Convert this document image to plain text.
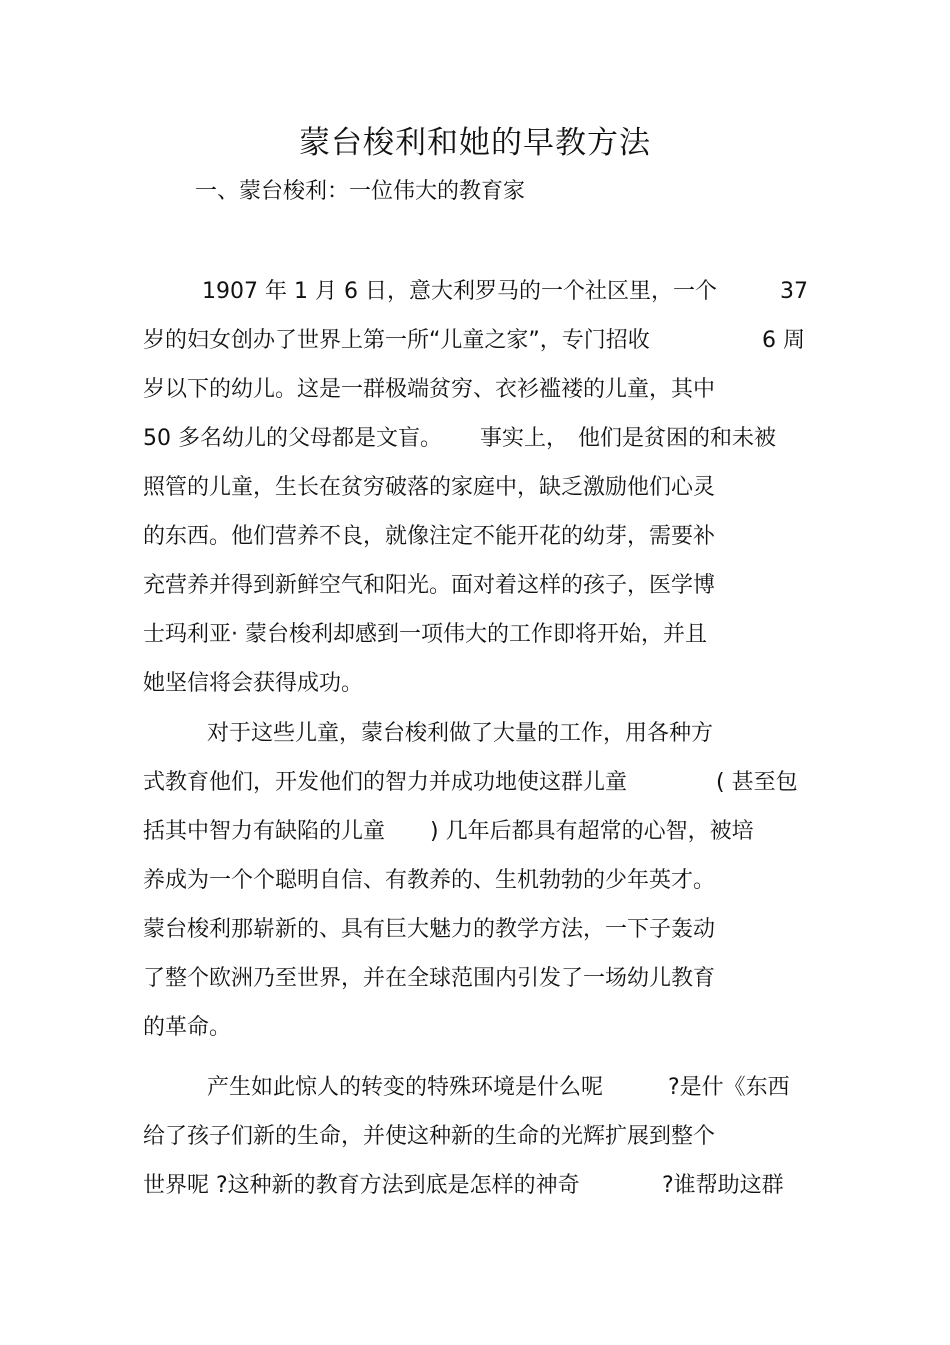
蒙台梭利和她的早教方法
一、蒙台梭利：一位伟大的教育家
1907 年 1 月 6 日，意大利罗马的一个社区里，一个	37
岁的妇女创办了世界上第一所“儿童之家”，专门招收	6 周
岁以下的幼儿。这是一群极端贫穷、衣衫褴褛的儿童，其中
50 多名幼儿的父母都是文盲。 事实上， 他们是贫困的和未被
照管的儿童，生长在贫穷破落的家庭中，缺乏激励他们心灵
的东西。他们营养不良，就像注定不能开花的幼芽，需要补
充营养并得到新鲜空气和阳光。面对着这样的孩子，医学博
士玛利亚· 蒙台梭利却感到一项伟大的工作即将开始，并且
她坚信将会获得成功。
对于这些儿童，蒙台梭利做了大量的工作，用各种方
式教育他们，开发他们的智力并成功地使这群儿童	( 甚至包
括其中智力有缺陷的儿童 ) 几年后都具有超常的心智，被培
养成为一个个聪明自信、有教养的、生机勃勃的少年英才。
蒙台梭利那崭新的、具有巨大魅力的教学方法，一下子轰动
了整个欧洲乃至世界，并在全球范围内引发了一场幼儿教育
的革命。
产生如此惊人的转变的特殊环境是什么呢	?是什《东西
给了孩子们新的生命，并使这种新的生命的光辉扩展到整个
世界呢 ?这种新的教育方法到底是怎样的神奇	?谁帮助这群
